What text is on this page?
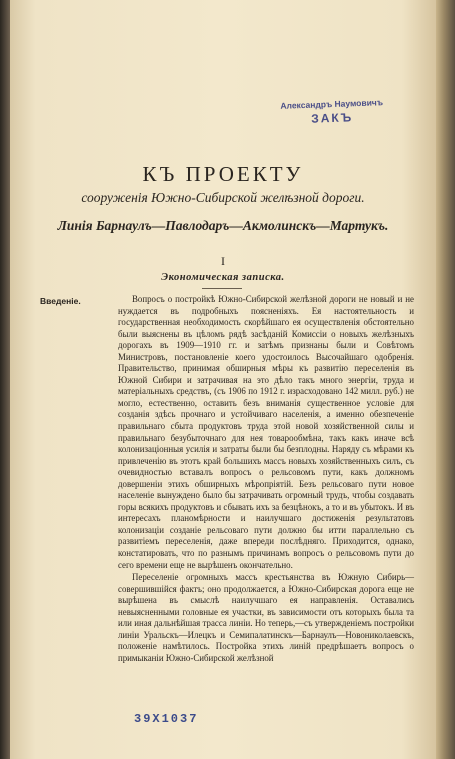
Александръ Наумовичъ
ЗАКЪ
КЪ ПРОЕКТУ
сооруженія Южно-Сибирской желѣзной дороги.
Линія Барнаулъ—Павлодаръ—Акмолинскъ—Мартукъ.
I
Экономическая записка.
Введеніе.	Вопросъ о постройкѣ Южно-Сибирской желѣзной дороги не новый и не нуждается въ подробныхъ поясненіяхъ. Ея настоятельность и государственная необходимость скорѣйшаго ея осуществленія обстоятельно были выяснены въ цѣломъ рядѣ засѣданій Комиссіи о новыхъ желѣзныхъ дорогахъ въ 1909—1910 гг. и затѣмъ признаны были и Совѣтомъ Министровъ, постановленіе коего удостоилось Высочайшаго одобренія. Правительство, принимая обширныя мѣры къ развитію переселенія въ Южной Сибири и затрачивая на это дѣло такъ много энергіи, труда и матеріальныхъ средствъ, (съ 1906 по 1912 г. израсходовано 142 милл. руб.) не могло, естественно, оставить безъ вниманія существенное условіе для созданія здѣсь прочнаго и устойчиваго населенія, а именно обезпеченіе правильнаго сбыта продуктовъ труда этой новой хозяйственной силы и правильнаго безубыточнаго для нея товарообмѣна, такъ какъ иначе всѣ колонизаціонныя усилія и затраты были бы безплодны. Наряду съ мѣрами къ привлеченію въ этотъ край большихъ массъ новыхъ хозяйственныхъ силъ, съ очевидностью вставалъ вопросъ о рельсовомъ пути, какъ должномъ довершеніи этихъ обширныхъ мѣропріятій. Безъ рельсоваго пути новое населеніе вынуждено было бы затрачивать огромный трудъ, чтобы создавать горы всякихъ продуктовъ и сбывать ихъ за безцѣнокъ, а то и въ убытокъ. И въ интересахъ планомѣрности и наилучшаго достиженія результатовъ колонизаціи созданіе рельсоваго пути должно бы итти параллельно съ развитіемъ переселенія, даже впереди послѣдняго. Приходится, однако, констатировать, что по разнымъ причинамъ вопросъ о рельсовомъ пути до сего времени еще не вырѣшенъ окончательно.

Переселеніе огромныхъ массъ крестьянства въ Южную Сибирь—совершившійся фактъ; оно продолжается, а Южно-Сибирская дорога еще не вырѣшена въ смыслѣ наилучшаго ея направленія. Оставались невыясненными головные ея участки, въ зависимости отъ которыхъ была та или иная дальнѣйшая трасса линіи. Но теперь,—съ утвержденіемъ постройки линіи Уральскъ—Илецкъ и Семипалатинскъ—Барнаулъ—Новониколаевскъ, положеніе намѣтилось. Постройка этихъ линій предрѣшаетъ вопросъ о примыканіи Южно-Сибирской желѣзной

39X1037
